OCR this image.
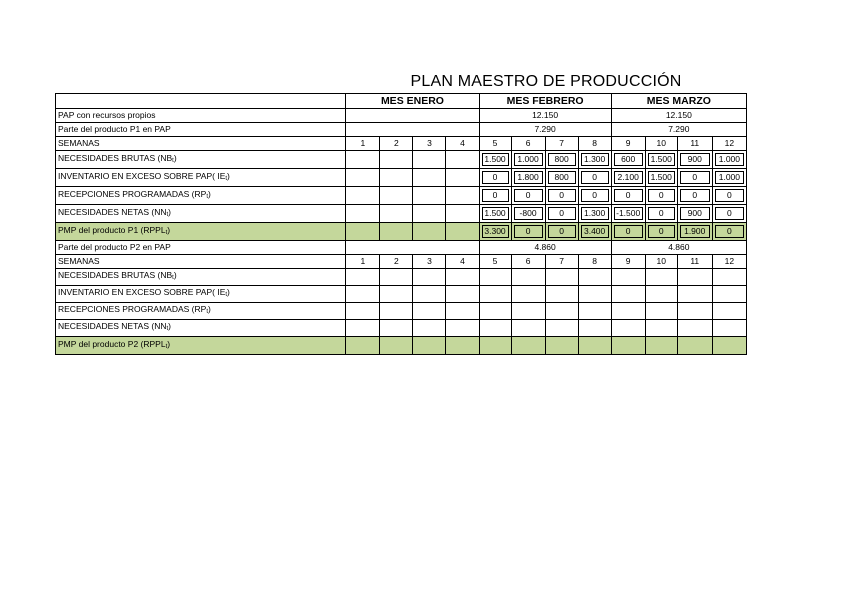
PLAN MAESTRO DE PRODUCCIÓN
	MES ENERO				MES FEBRERO				MES MARZO			
PAP con recursos propios					12.150				12.150			
Parte del producto P1 en PAP					7.290				7.290			
SEMANAS	1	2	3	4	5	6	7	8	9	10	11	12
NECESIDADES BRUTAS $(NB_t)$					1.500	1.000	800	1.300	600	1.500	900	1.000

INVENTARIO EN EXCESO SOBRE PAP( $IE_t$)					0	1.800	800	0	2.100	1.500	0	1.000

RECEPCIONES PROGRAMADAS $(RP_t)$					0	0	0	0	0	0	0	0

NECESIDADES NETAS $(NN_t)$					1.500	-800	0	1.300	-1.500	0	900	0

PMP del producto P1 $(RPPL_t)$					3.300	0	0	3.400	0	0	1.900	0

Parte del producto P2 en PAP					4.860				4.860			
SEMANAS	1	2	3	4	5	6	7	8	9	10	11	12
NECESIDADES BRUTAS $(NB_t)$												
INVENTARIO EN EXCESO SOBRE PAP( $IE_t$)												
RECEPCIONES PROGRAMADAS $(RP_t)$												
NECESIDADES NETAS $(NN_t)$												
PMP del producto P2 $(RPPL_t)$												
